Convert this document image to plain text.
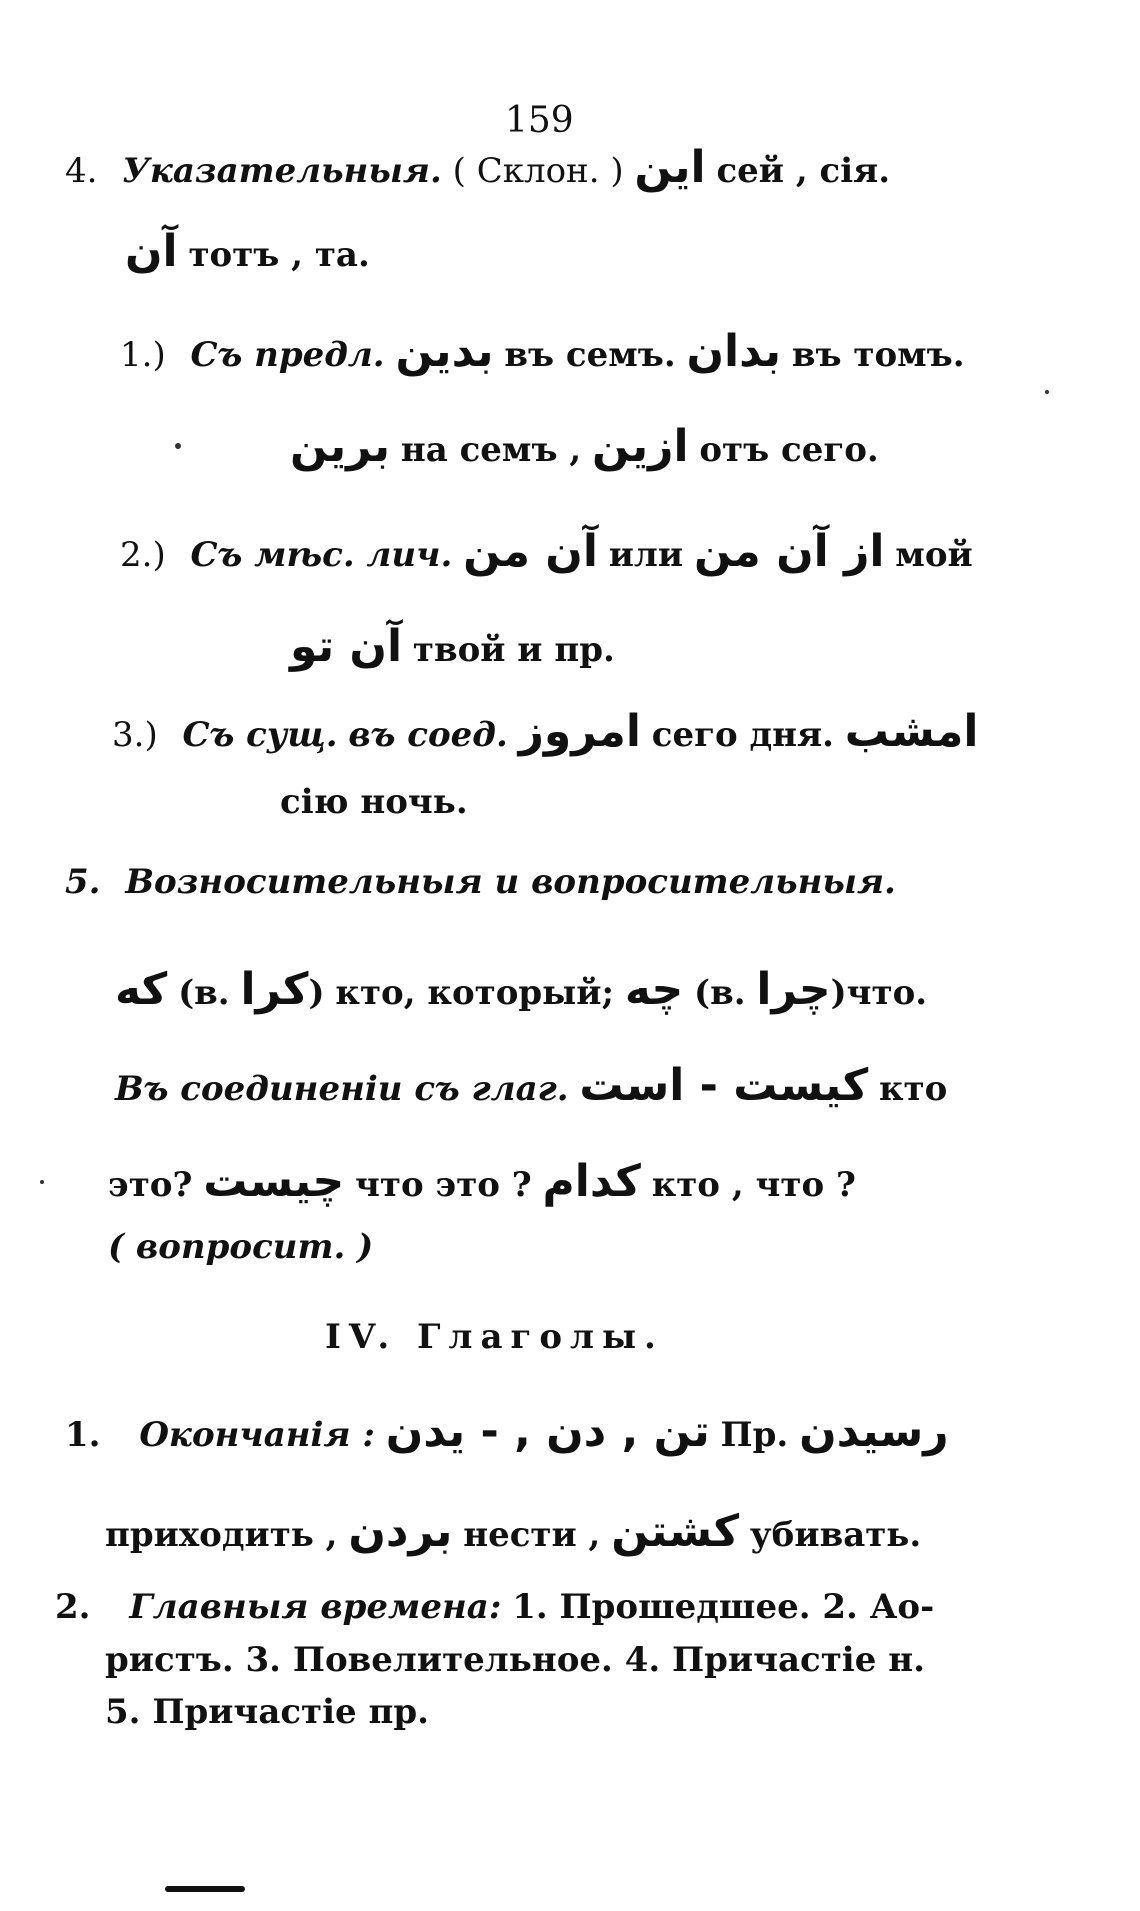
159
4. Указательныя. ( Склон. ) اين сей , сія.
آن тотъ , та.
1.) Съ предл. بدين въ семъ. بدان въ томъ.
برين на семъ , ازين отъ сего.
2.) Съ мѣс. лич. آن من или از آن من мой
آن تو твой и пр.
3.) Съ сущ. въ соед. امروز сего дня. امشب
сію ночь.
5. Возносительныя и вопросительныя.
كه (в. كرا) кто, который; چه (в. چرا)что.
Въ соединеніи съ глаг. كيست - است кто
это? چيست что это ? كدام кто , что ?
( вопросит. )
IV. Глаголы.
1. Окончанія : تن , دن , - يدن Пр. رسيدن
приходить , بردن нести , كشتن убивать.
2. Главныя времена: 1. Прошедшее. 2. Ао-
ристъ. 3. Повелительное. 4. Причастіе н.
5. Причастіе пр.
